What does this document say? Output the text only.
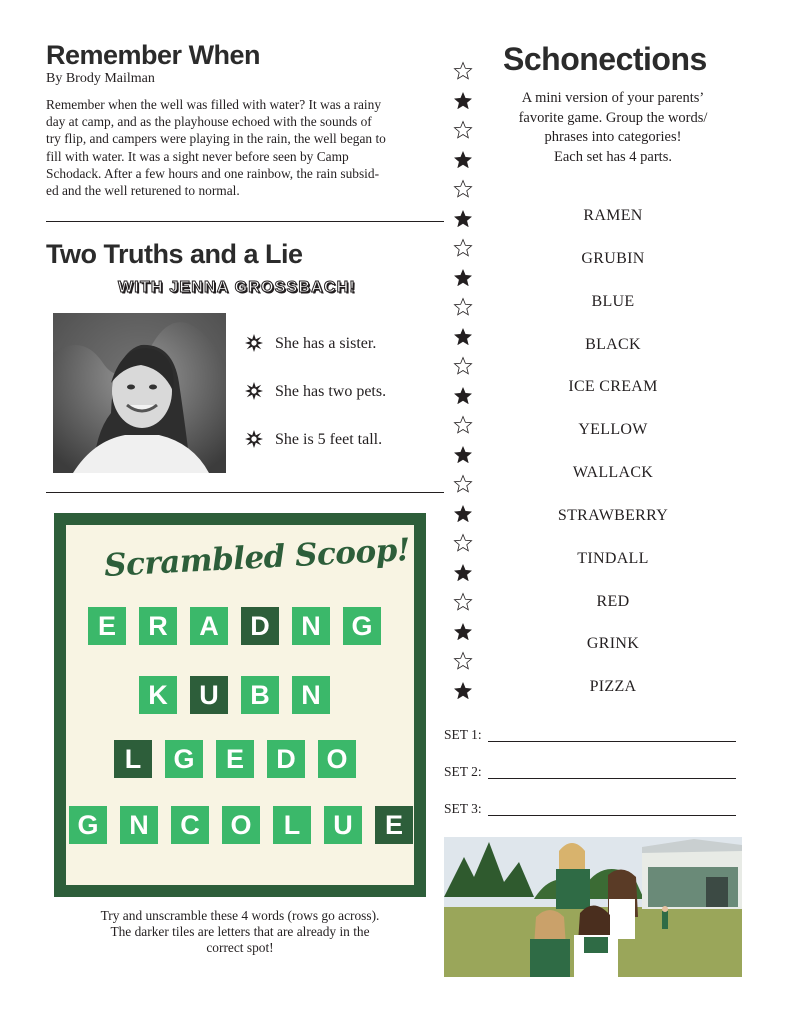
Remember When
By Brody Mailman
Remember when the well was filled with water? It was a rainy
day at camp, and as the playhouse echoed with the sounds of
try flip, and campers were playing in the rain, the well began to
fill with water. It was a sight never before seen by Camp
Schodack. After a few hours and one rainbow, the rain subsid-
ed and the well returened to normal.
Two Truths and a Lie
WITH JENNA GROSSBACH!
She has a sister.
She has two pets.
She is 5 feet tall.
Scrambled Scoop!
E	R	A	D	N	G
K	U	B	N
L	G	E	D	O
G	N	C	O	L	U	E
Try and unscramble these 4 words (rows go across).
The darker tiles are letters that are already in the
correct spot!
Schonections
A mini version of your parents’
favorite game. Group the words/
phrases into categories!
Each set has 4 parts.
RAMEN
GRUBIN
BLUE
BLACK
ICE CREAM
YELLOW
WALLACK
STRAWBERRY
TINDALL
RED
GRINK
PIZZA
SET 1:
SET 2:
SET 3:
